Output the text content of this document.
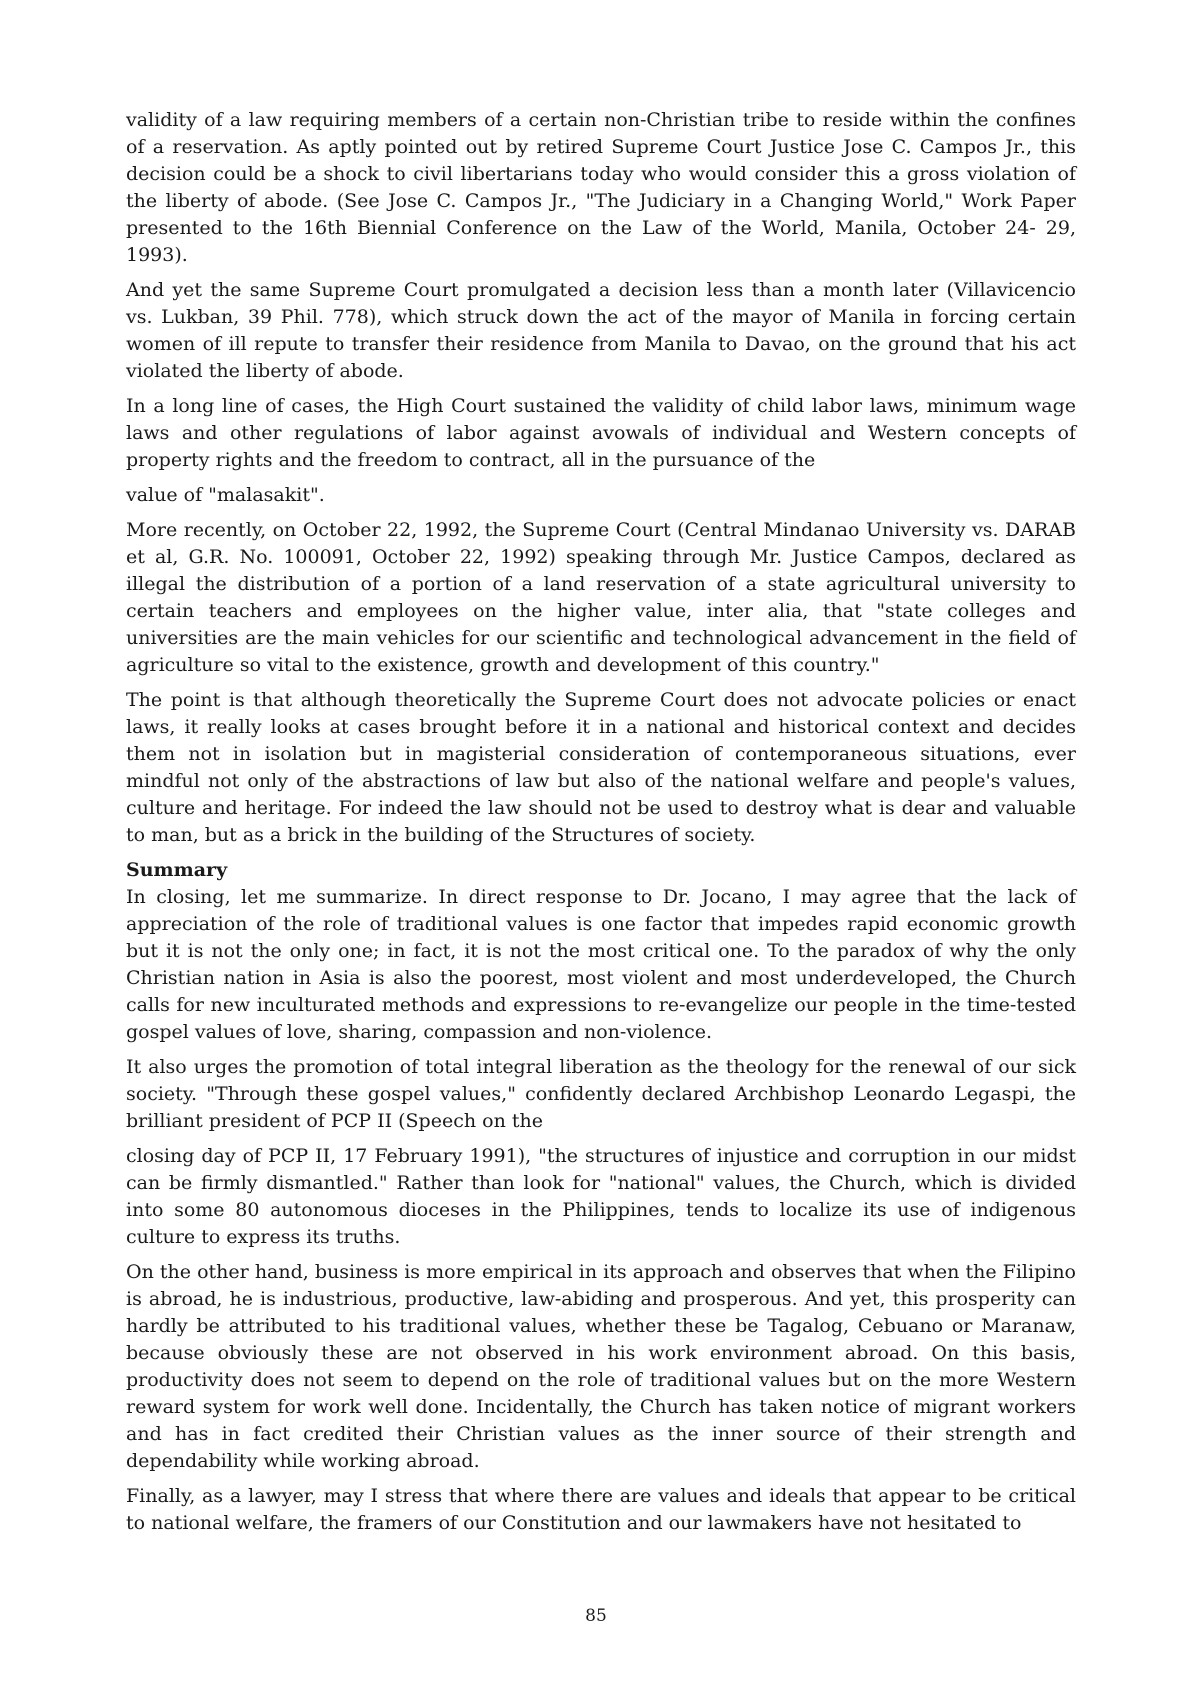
validity of a law requiring members of a certain non-Christian tribe to reside within the confines of a reservation. As aptly pointed out by retired Supreme Court Justice Jose C. Campos Jr., this decision could be a shock to civil libertarians today who would consider this a gross violation of the liberty of abode. (See Jose C. Campos Jr., "The Judiciary in a Changing World," Work Paper presented to the 16th Biennial Conference on the Law of the World, Manila, October 24- 29, 1993).

And yet the same Supreme Court promulgated a decision less than a month later (Villavicencio vs. Lukban, 39 Phil. 778), which struck down the act of the mayor of Manila in forcing certain women of ill repute to transfer their residence from Manila to Davao, on the ground that his act violated the liberty of abode.

In a long line of cases, the High Court sustained the validity of child labor laws, minimum wage laws and other regulations of labor against avowals of individual and Western concepts of property rights and the freedom to contract, all in the pursuance of the

value of "malasakit".

More recently, on October 22, 1992, the Supreme Court (Central Mindanao University vs. DARAB et al, G.R. No. 100091, October 22, 1992) speaking through Mr. Justice Campos, declared as illegal the distribution of a portion of a land reservation of a state agricultural university to certain teachers and employees on the higher value, inter alia, that "state colleges and universities are the main vehicles for our scientific and technological advancement in the field of agriculture so vital to the existence, growth and development of this country."

The point is that although theoretically the Supreme Court does not advocate policies or enact laws, it really looks at cases brought before it in a national and historical context and decides them not in isolation but in magisterial consideration of contemporaneous situations, ever mindful not only of the abstractions of law but also of the national welfare and people's values, culture and heritage. For indeed the law should not be used to destroy what is dear and valuable to man, but as a brick in the building of the Structures of society.

Summary

In closing, let me summarize. In direct response to Dr. Jocano, I may agree that the lack of appreciation of the role of traditional values is one factor that impedes rapid economic growth but it is not the only one; in fact, it is not the most critical one. To the paradox of why the only Christian nation in Asia is also the poorest, most violent and most underdeveloped, the Church calls for new inculturated methods and expressions to re-evangelize our people in the time-tested gospel values of love, sharing, compassion and non-violence.

It also urges the promotion of total integral liberation as the theology for the renewal of our sick society. "Through these gospel values," confidently declared Archbishop Leonardo Legaspi, the brilliant president of PCP II (Speech on the

closing day of PCP II, 17 February 1991), "the structures of injustice and corruption in our midst can be firmly dismantled." Rather than look for "national" values, the Church, which is divided into some 80 autonomous dioceses in the Philippines, tends to localize its use of indigenous culture to express its truths.

On the other hand, business is more empirical in its approach and observes that when the Filipino is abroad, he is industrious, productive, law-abiding and prosperous. And yet, this prosperity can hardly be attributed to his traditional values, whether these be Tagalog, Cebuano or Maranaw, because obviously these are not observed in his work environment abroad. On this basis, productivity does not seem to depend on the role of traditional values but on the more Western reward system for work well done. Incidentally, the Church has taken notice of migrant workers and has in fact credited their Christian values as the inner source of their strength and dependability while working abroad.

Finally, as a lawyer, may I stress that where there are values and ideals that appear to be critical to national welfare, the framers of our Constitution and our lawmakers have not hesitated to

85
